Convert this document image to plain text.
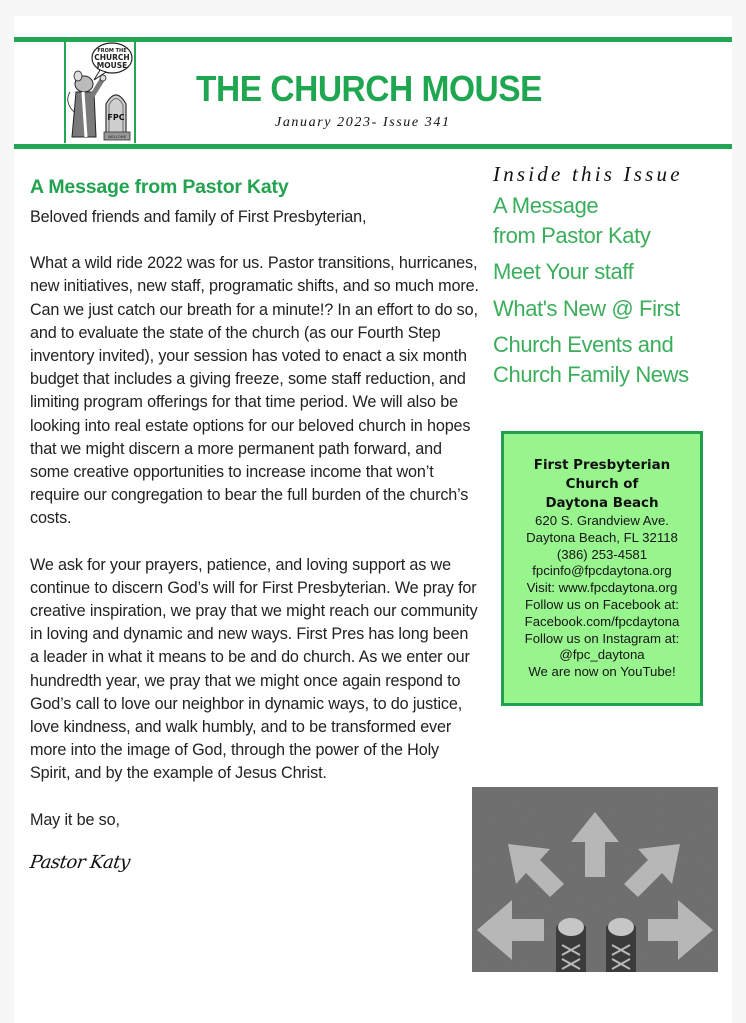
FROM THE
CHURCH
MOUSE
FPC
WELCOME
THE CHURCH MOUSE
January 2023- Issue 341
A Message from Pastor Katy

Beloved friends and family of First Presbyterian,

What a wild ride 2022 was for us. Pastor transitions, hurricanes, new initiatives, new staff, programatic shifts, and so much more. Can we just catch our breath for a minute!? In an effort to do so, and to evaluate the state of the church (as our Fourth Step inventory invited), your session has voted to enact a six month budget that includes a giving freeze, some staff reduction, and limiting program offerings for that time period. We will also be looking into real estate options for our beloved church in hopes that we might discern a more permanent path forward, and some creative opportunities to increase income that won’t require our congregation to bear the full burden of the church’s costs.

We ask for your prayers, patience, and loving support as we continue to discern God’s will for First Presbyterian. We pray for creative inspiration, we pray that we might reach our community in loving and dynamic and new ways. First Pres has long been a leader in what it means to be and do church. As we enter our hundredth year, we pray that we might once again respond to God’s call to love our neighbor in dynamic ways, to do justice, love kindness, and walk humbly, and to be transformed ever more into the image of God, through the power of the Holy Spirit, and by the example of Jesus Christ.

May it be so,

Pastor Katy
Inside this Issue
A Message
from Pastor Katy
Meet Your staff
What's New @ First
Church Events and
Church Family News
First Presbyterian
Church of
Daytona Beach
620 S. Grandview Ave.
Daytona Beach, FL 32118
(386) 253-4581
fpcinfo@fpcdaytona.org
Visit: www.fpcdaytona.org
Follow us on Facebook at:
Facebook.com/fpcdaytona
Follow us on Instagram at:
@fpc_daytona
We are now on YouTube!
